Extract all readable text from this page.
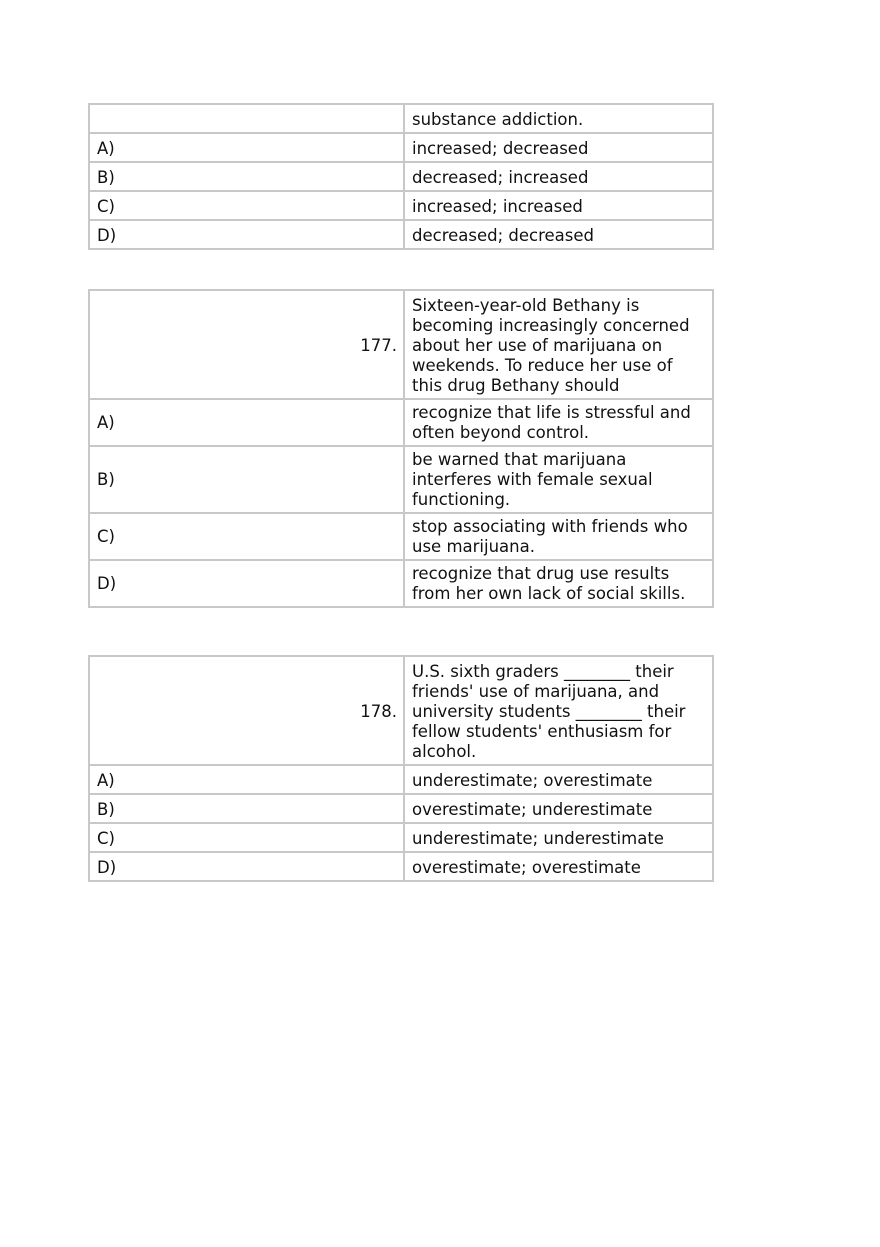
	substance addiction.
A)	increased; decreased
B)	decreased; increased
C)	increased; increased
D)	decreased; decreased
177.	Sixteen-year-old Bethany is becoming increasingly concerned about her use of marijuana on weekends. To reduce her use of this drug Bethany should
A)	recognize that life is stressful and often beyond control.
B)	be warned that marijuana interferes with female sexual functioning.
C)	stop associating with friends who use marijuana.
D)	recognize that drug use results from her own lack of social skills.
178.	U.S. sixth graders ________ their friends' use of marijuana, and university students ________ their fellow students' enthusiasm for alcohol.
A)	underestimate; overestimate
B)	overestimate; underestimate
C)	underestimate; underestimate
D)	overestimate; overestimate
